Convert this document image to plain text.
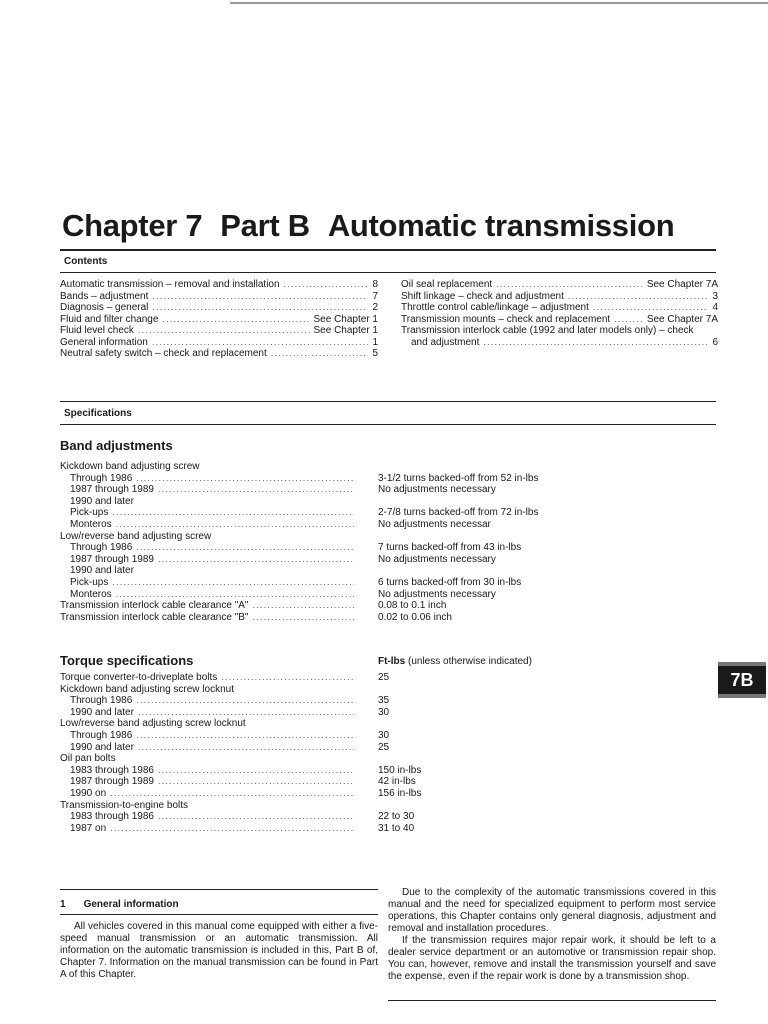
Chapter 7 Part B Automatic transmission
Contents
Automatic transmission – removal and installation .....	8
Bands – adjustment .....	7
Diagnosis – general .....	2
Fluid and filter change .....	See Chapter 1
Fluid level check .....	See Chapter 1
General information .....	1
Neutral safety switch – check and replacement .....	5
Oil seal replacement .....	See Chapter 7A
Shift linkage – check and adjustment .....	3
Throttle control cable/linkage – adjustment .....	4
Transmission mounts – check and replacement .....	See Chapter 7A
Transmission interlock cable (1992 and later models only) – check
and adjustment .....	6
Specifications
Band adjustments
Kickdown band adjusting screw
Through 1986 .....	3-1/2 turns backed-off from 52 in-lbs
1987 through 1989 .....	No adjustments necessary
1990 and later
Pick-ups .....	2-7/8 turns backed-off from 72 in-lbs
Monteros .....	No adjustments necessar
Low/reverse band adjusting screw
Through 1986 .....	7 turns backed-off from 43 in-lbs
1987 through 1989 .....	No adjustments necessary
1990 and later
Pick-ups .....	6 turns backed-off from 30 in-lbs
Monteros .....	No adjustments necessary
Transmission interlock cable clearance "A" .....	0.08 to 0.1 inch
Transmission interlock cable clearance "B" .....	0.02 to 0.06 inch
Torque specifications	Ft-lbs (unless otherwise indicated)
Torque converter-to-driveplate bolts .....	25
Kickdown band adjusting screw locknut
Through 1986 .....	35
1990 and later .....	30
Low/reverse band adjusting screw locknut
Through 1986 .....	30
1990 and later .....	25
Oil pan bolts
1983 through 1986 .....	150 in-lbs
1987 through 1989 .....	42 in-lbs
1990 on .....	156 in-lbs
Transmission-to-engine bolts
1983 through 1986 .....	22 to 30
1987 on .....	31 to 40
1 General information

All vehicles covered in this manual come equipped with either a five-speed manual transmission or an automatic transmission. All information on the automatic transmission is included in this, Part B of, Chapter 7. Information on the manual transmission can be found in Part A of this Chapter.

Due to the complexity of the automatic transmissions covered in this manual and the need for specialized equipment to perform most service operations, this Chapter contains only general diagnosis, adjustment and removal and installation procedures.

If the transmission requires major repair work, it should be left to a dealer service department or an automotive or transmission repair shop. You can, however, remove and install the transmission yourself and save the expense, even if the repair work is done by a transmission shop.

7B
